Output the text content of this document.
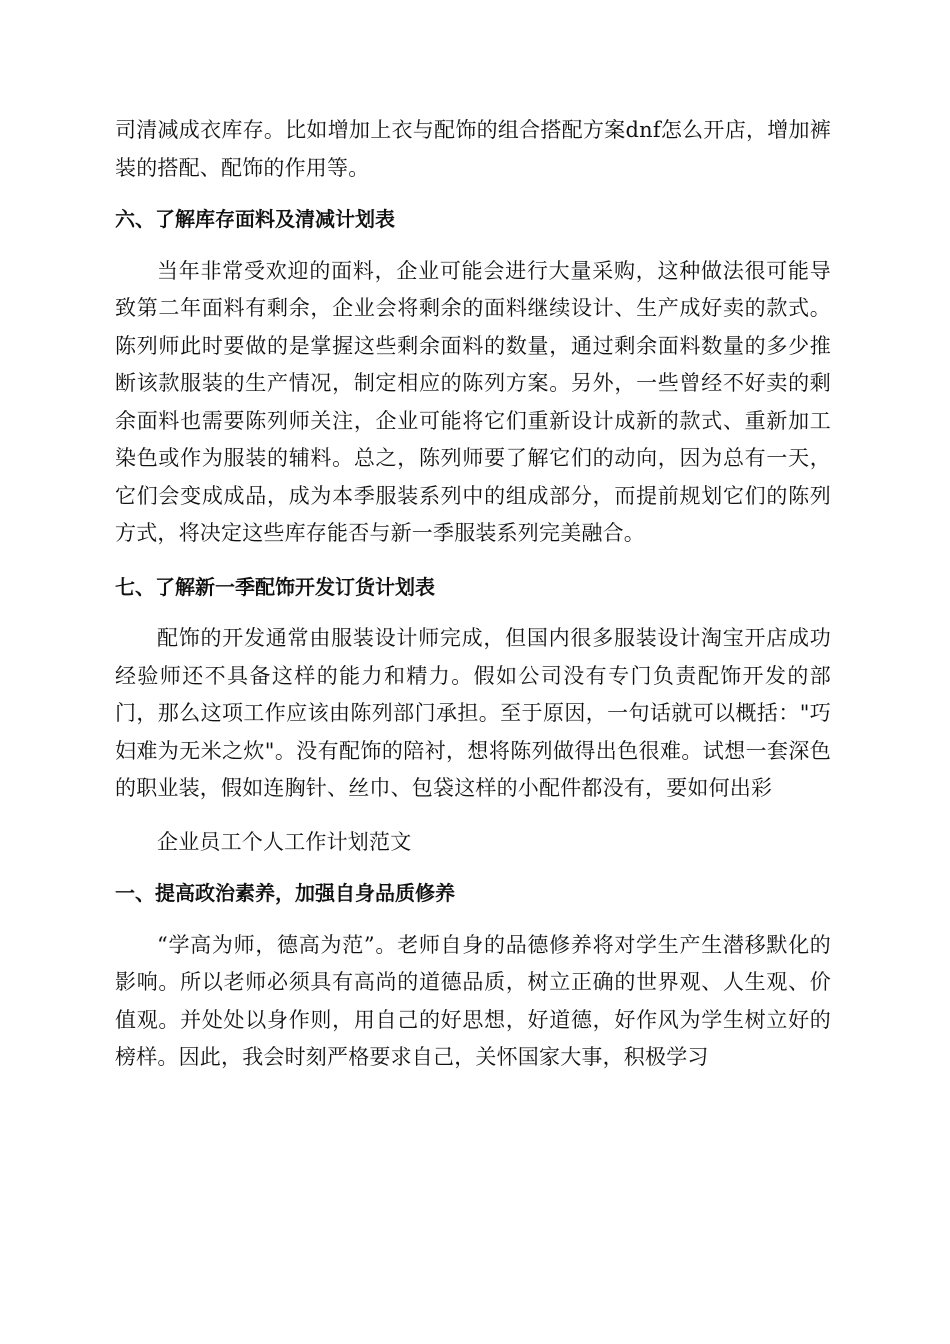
司清减成衣库存。比如增加上衣与配饰的组合搭配方案dnf怎么开店，增加裤装的搭配、配饰的作用等。

六、了解库存面料及清减计划表

当年非常受欢迎的面料，企业可能会进行大量采购，这种做法很可能导致第二年面料有剩余，企业会将剩余的面料继续设计、生产成好卖的款式。陈列师此时要做的是掌握这些剩余面料的数量，通过剩余面料数量的多少推断该款服装的生产情况，制定相应的陈列方案。另外，一些曾经不好卖的剩余面料也需要陈列师关注，企业可能将它们重新设计成新的款式、重新加工染色或作为服装的辅料。总之，陈列师要了解它们的动向，因为总有一天，它们会变成成品，成为本季服装系列中的组成部分，而提前规划它们的陈列方式，将决定这些库存能否与新一季服装系列完美融合。

七、了解新一季配饰开发订货计划表

配饰的开发通常由服装设计师完成，但国内很多服装设计淘宝开店成功经验师还不具备这样的能力和精力。假如公司没有专门负责配饰开发的部门，那么这项工作应该由陈列部门承担。至于原因，一句话就可以概括："巧妇难为无米之炊"。没有配饰的陪衬，想将陈列做得出色很难。试想一套深色的职业装，假如连胸针、丝巾、包袋这样的小配件都没有，要如何出彩

企业员工个人工作计划范文

一、提高政治素养，加强自身品质修养

“学高为师，德高为范”。老师自身的品德修养将对学生产生潜移默化的影响。所以老师必须具有高尚的道德品质，树立正确的世界观、人生观、价值观。并处处以身作则，用自己的好思想，好道德，好作风为学生树立好的榜样。因此，我会时刻严格要求自己，关怀国家大事，积极学习
